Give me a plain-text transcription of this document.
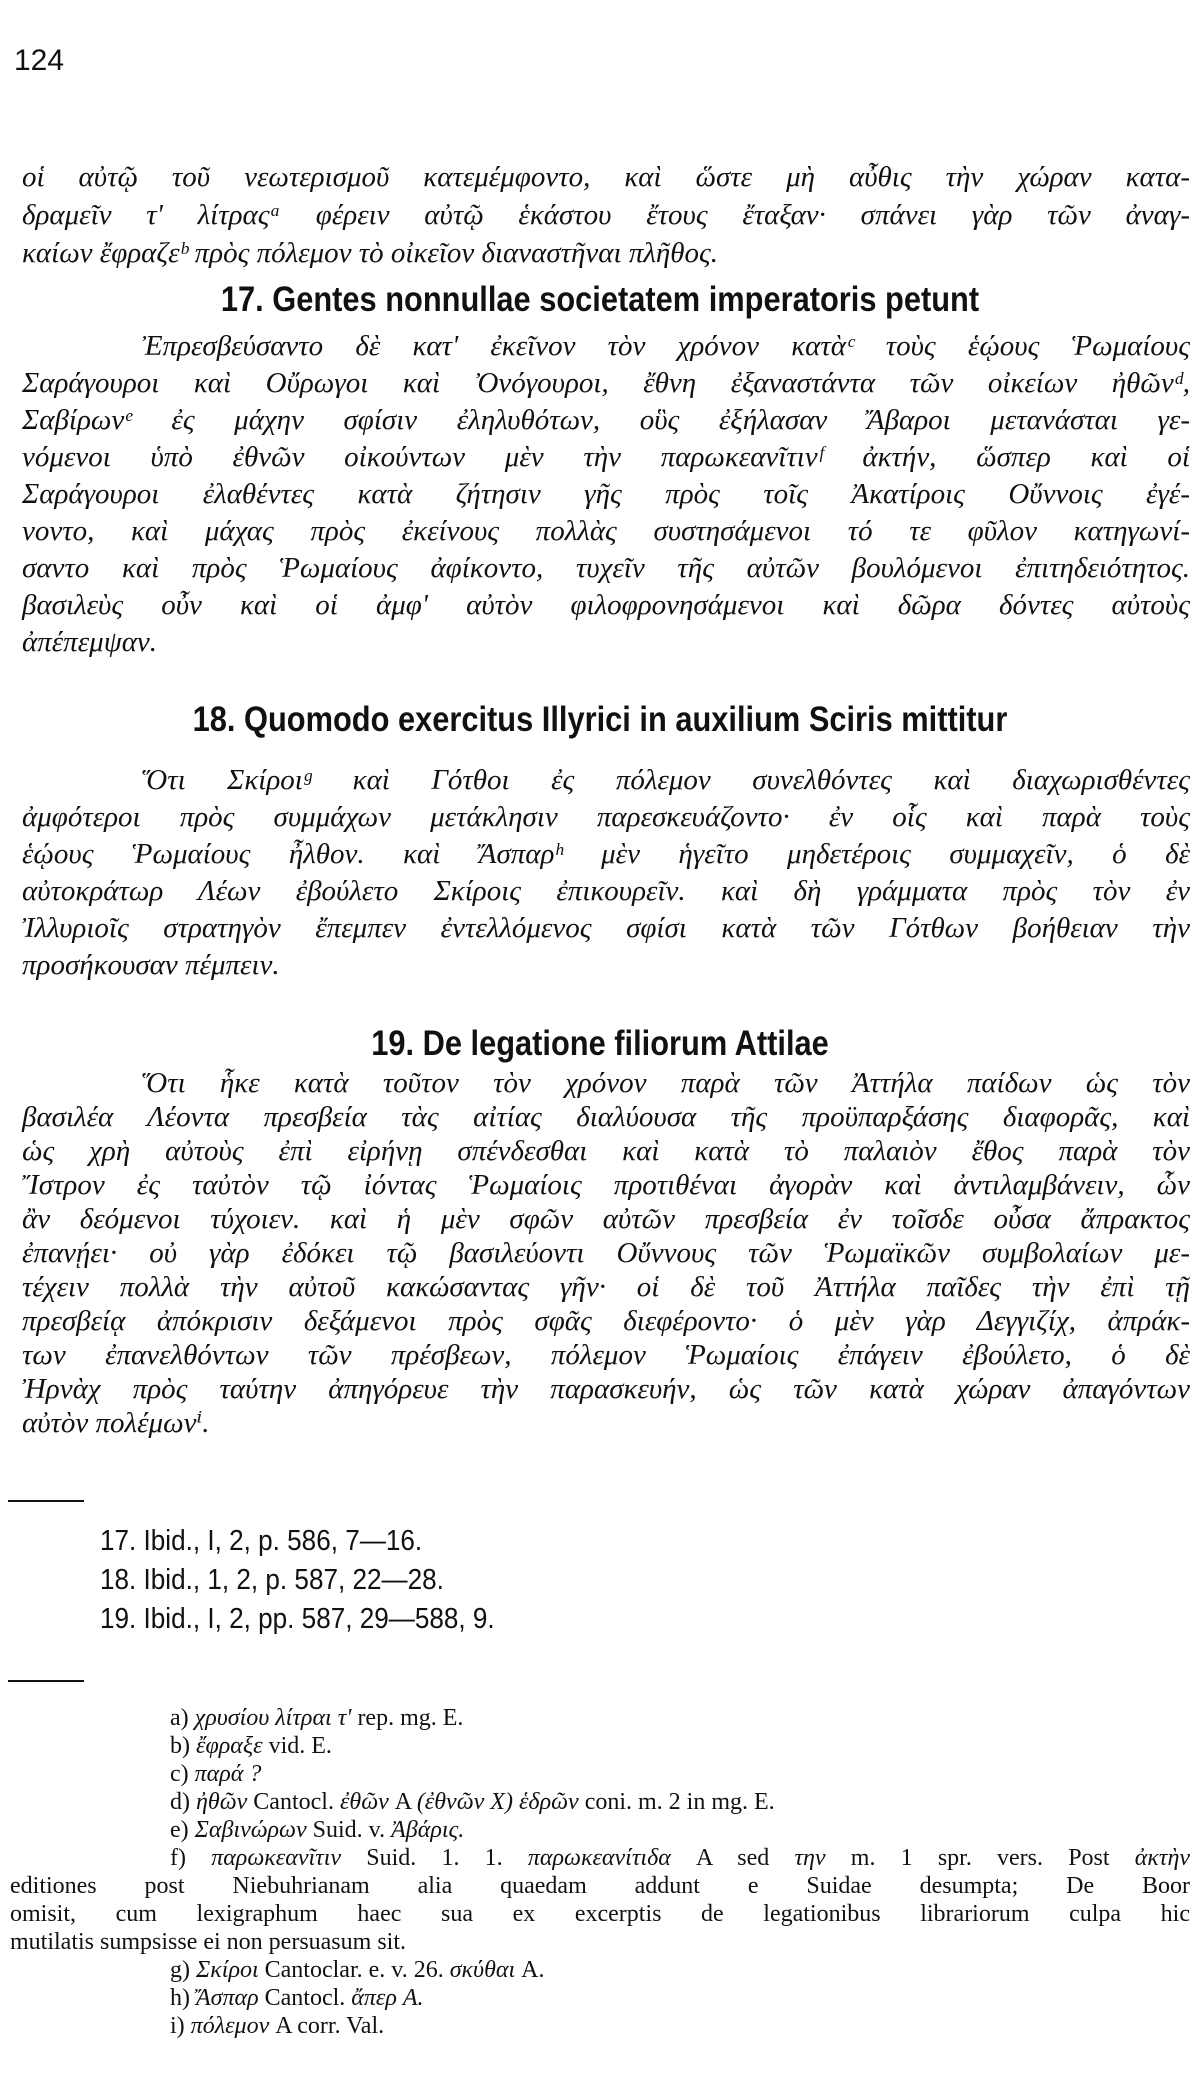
124
οἱ αὐτῷ τοῦ νεωτερισμοῦ κατεμέμφοντο, καὶ ὥστε μὴ αὖθις τὴν χώραν κατα-
δραμεῖν τ' λίτραςᵃ φέρειν αὐτῷ ἑκάστου ἔτους ἔταξαν· σπάνει γὰρ τῶν ἀναγ-
καίων ἔφραζεᵇ πρὸς πόλεμον τὸ οἰκεῖον διαναστῆναι πλῆθος.
17. Gentes nonnullae societatem imperatoris petunt
Ἐπρεσβεύσαντο δὲ κατ' ἐκεῖνον τὸν χρόνον κατὰᶜ τοὺς ἑῴους Ῥωμαίους
Σαράγουροι καὶ Οὔρωγοι καὶ Ὀνόγουροι, ἔθνη ἐξαναστάντα τῶν οἰκείων ἠθῶνᵈ,
Σαβίρωνᵉ ἐς μάχην σφίσιν ἐληλυθότων, οὓς ἐξήλασαν Ἄβαροι μετανάσται γε-
νόμενοι ὑπὸ ἐθνῶν οἰκούντων μὲν τὴν παρωκεανῖτινᶠ ἀκτήν, ὥσπερ καὶ οἱ
Σαράγουροι ἐλαθέντες κατὰ ζήτησιν γῆς πρὸς τοῖς Ἀκατίροις Οὔννοις ἐγέ-
νοντο, καὶ μάχας πρὸς ἐκείνους πολλὰς συστησάμενοι τό τε φῦλον κατηγωνί-
σαντο καὶ πρὸς Ῥωμαίους ἀφίκοντο, τυχεῖν τῆς αὐτῶν βουλόμενοι ἐπιτηδειότητος.
βασιλεὺς οὖν καὶ οἱ ἀμφ' αὐτὸν φιλοφρονησάμενοι καὶ δῶρα δόντες αὐτοὺς
ἀπέπεμψαν.
18. Quomodo exercitus Illyrici in auxilium Sciris mittitur
Ὅτι Σκίροιᵍ καὶ Γότθοι ἐς πόλεμον συνελθόντες καὶ διαχωρισθέντες
ἀμφότεροι πρὸς συμμάχων μετάκλησιν παρεσκευάζοντο· ἐν οἷς καὶ παρὰ τοὺς
ἑῴους Ῥωμαίους ἦλθον. καὶ Ἄσπαρʰ μὲν ἡγεῖτο μηδετέροις συμμαχεῖν, ὁ δὲ
αὐτοκράτωρ Λέων ἐβούλετο Σκίροις ἐπικουρεῖν. καὶ δὴ γράμματα πρὸς τὸν ἐν
Ἰλλυριοῖς στρατηγὸν ἔπεμπεν ἐντελλόμενος σφίσι κατὰ τῶν Γότθων βοήθειαν τὴν
προσήκουσαν πέμπειν.
19. De legatione filiorum Attilae
Ὅτι ἧκε κατὰ τοῦτον τὸν χρόνον παρὰ τῶν Ἀττήλα παίδων ὡς τὸν
βασιλέα Λέοντα πρεσβεία τὰς αἰτίας διαλύουσα τῆς προϋπαρξάσης διαφορᾶς, καὶ
ὡς χρὴ αὐτοὺς ἐπὶ εἰρήνῃ σπένδεσθαι καὶ κατὰ τὸ παλαιὸν ἔθος παρὰ τὸν
Ἴστρον ἐς ταὐτὸν τῷ ἰόντας Ῥωμαίοις προτιθέναι ἀγορὰν καὶ ἀντιλαμβάνειν, ὧν
ἂν δεόμενοι τύχοιεν. καὶ ἡ μὲν σφῶν αὐτῶν πρεσβεία ἐν τοῖσδε οὖσα ἄπρακτος
ἐπανῄει· οὐ γὰρ ἐδόκει τῷ βασιλεύοντι Οὔννους τῶν Ῥωμαϊκῶν συμβολαίων με-
τέχειν πολλὰ τὴν αὐτοῦ κακώσαντας γῆν· οἱ δὲ τοῦ Ἀττήλα παῖδες τὴν ἐπὶ τῇ
πρεσβείᾳ ἀπόκρισιν δεξάμενοι πρὸς σφᾶς διεφέροντο· ὁ μὲν γὰρ Δεγγιζίχ, ἀπράκ-
των ἐπανελθόντων τῶν πρέσβεων, πόλεμον Ῥωμαίοις ἐπάγειν ἐβούλετο, ὁ δὲ
Ἠρνὰχ πρὸς ταύτην ἀπηγόρευε τὴν παρασκευήν, ὡς τῶν κατὰ χώραν ἀπαγόντων
αὐτὸν πολέμωνⁱ.
17. Ibid., I, 2, p. 586, 7—16.
18. Ibid., 1, 2, p. 587, 22—28.
19. Ibid., I, 2, pp. 587, 29—588, 9.
a) χρυσίου λίτραι τ' rep. mg. E.
b) ἔφραξε vid. E.
c) παρά ?
d) ἠθῶν Cantocl. ἐθῶν A (ἐθνῶν X) ἑδρῶν coni. m. 2 in mg. E.
e) Σαβινώρων Suid. v. Ἀβάρις.
f) παρωκεανῖτιν Suid. 1. 1. παρωκεανίτιδα A sed την m. 1 spr. vers. Post ἀκτὴν
editiones post Niebuhrianam alia quaedam addunt e Suidae desumpta; De Boor
omisit, cum lexigraphum haec sua ex excerptis de legationibus librariorum culpa hic
mutilatis sumpsisse ei non persuasum sit.
g) Σκίροι Cantoclar. e. v. 26. σκύθαι A.
h) Ἄσπαρ Cantocl. ἄπερ A.
i) πόλεμον A corr. Val.
